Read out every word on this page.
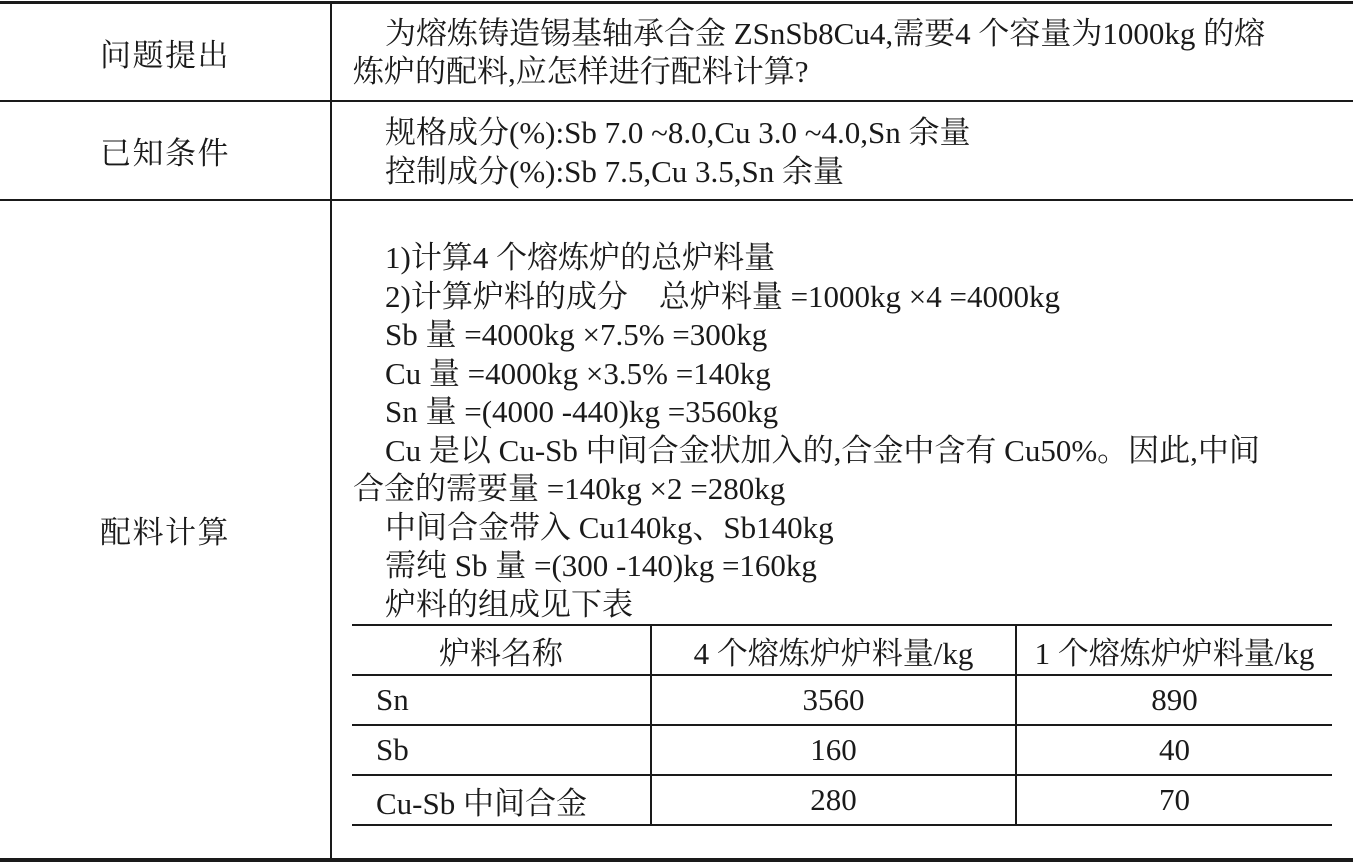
问题提出
为熔炼铸造锡基轴承合金 ZSnSb8Cu4,需要4 个容量为1000kg 的熔
炼炉的配料,应怎样进行配料计算?
已知条件
规格成分(%):Sb 7.0 ~8.0,Cu 3.0 ~4.0,Sn 余量
控制成分(%):Sb 7.5,Cu 3.5,Sn 余量
配料计算
1)计算4 个熔炼炉的总炉料量
2)计算炉料的成分　总炉料量 =1000kg ×4 =4000kg
Sb 量 =4000kg ×7.5% =300kg
Cu 量 =4000kg ×3.5% =140kg
Sn 量 =(4000 -440)kg =3560kg
Cu 是以 Cu-Sb 中间合金状加入的,合金中含有 Cu50%。因此,中间
合金的需要量 =140kg ×2 =280kg
中间合金带入 Cu140kg、Sb140kg
需纯 Sb 量 =(300 -140)kg =160kg
炉料的组成见下表
炉料名称	4 个熔炼炉炉料量/kg	1 个熔炼炉炉料量/kg
Sn	3560	890
Sb	160	40
Cu-Sb 中间合金	280	70
